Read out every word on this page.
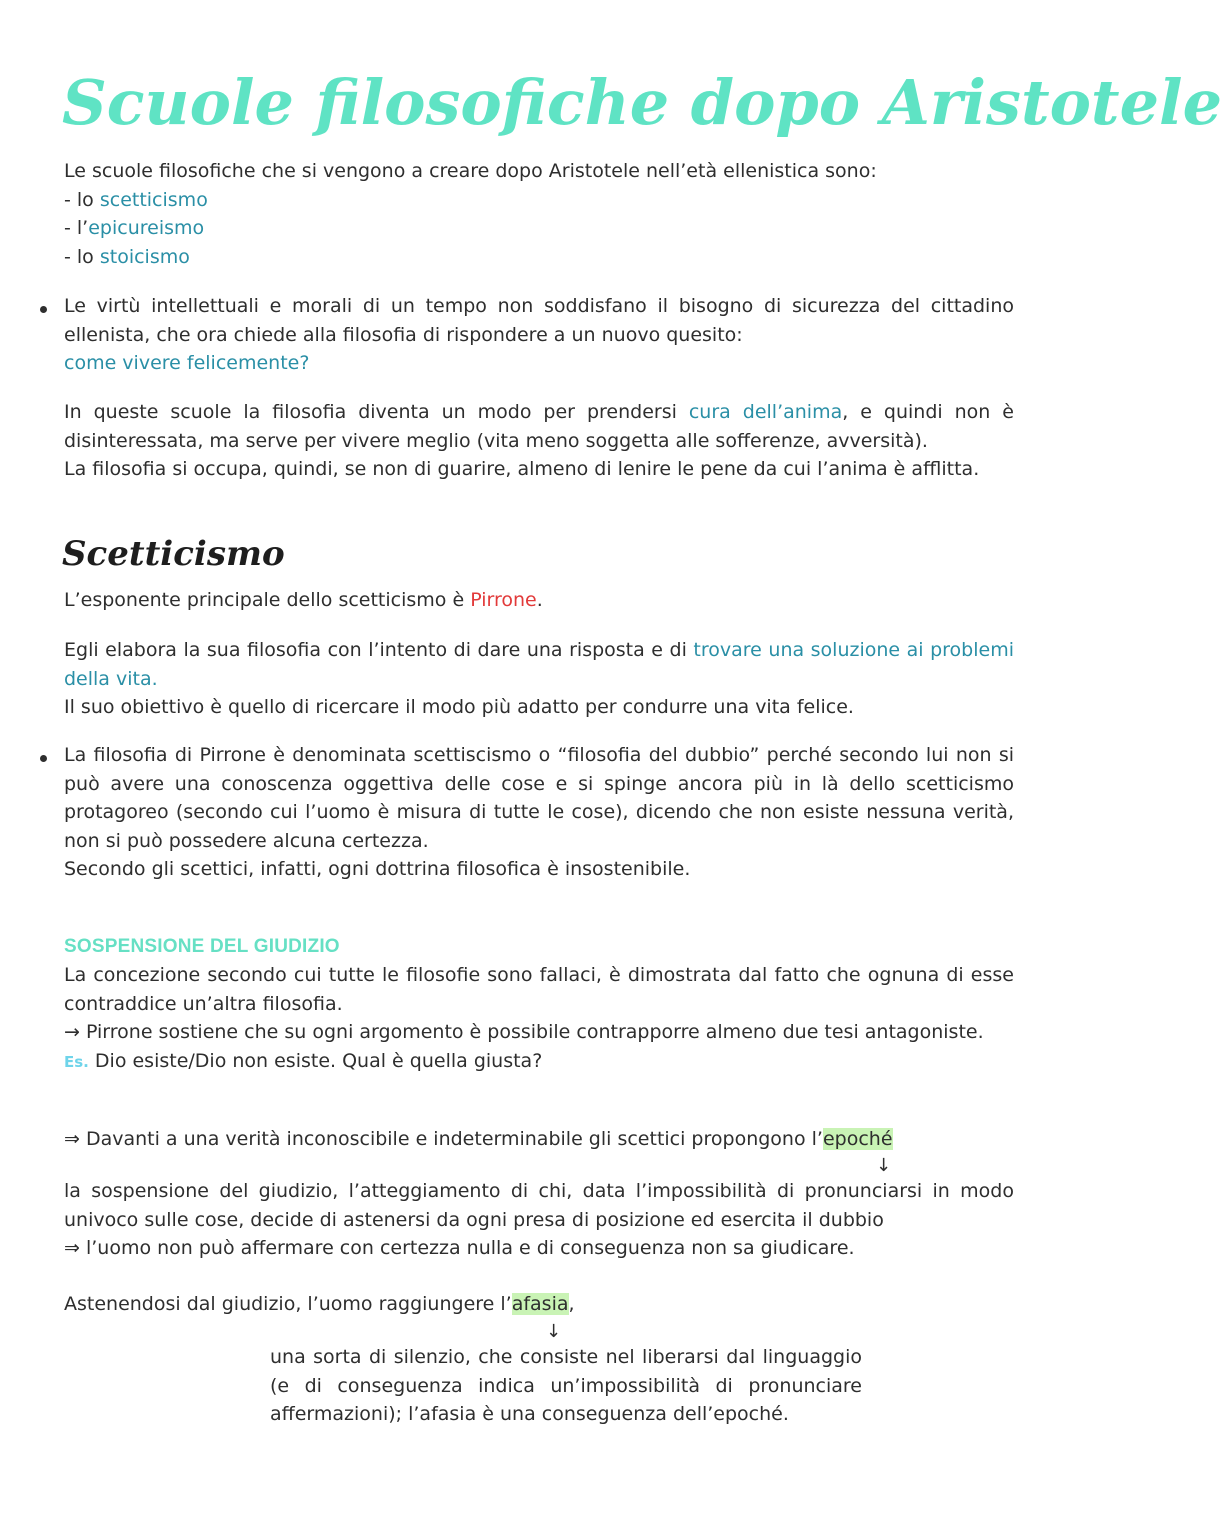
Scuole filosofiche dopo Aristotele

Le scuole filosofiche che si vengono a creare dopo Aristotele nell’età ellenistica sono:

- lo scetticismo

- l’epicureismo

- lo stoicismo

Le virtù intellettuali e morali di un tempo non soddisfano il bisogno di sicurezza del cittadino ellenista, che ora chiede alla filosofia di rispondere a un nuovo quesito:

come vivere felicemente?

In queste scuole la filosofia diventa un modo per prendersi cura dell’anima, e quindi non è disinteressata, ma serve per vivere meglio (vita meno soggetta alle sofferenze, avversità).

La filosofia si occupa, quindi, se non di guarire, almeno di lenire le pene da cui l’anima è afflitta.

Scetticismo

L’esponente principale dello scetticismo è Pirrone.

Egli elabora la sua filosofia con l’intento di dare una risposta e di trovare una soluzione ai problemi della vita.

Il suo obiettivo è quello di ricercare il modo più adatto per condurre una vita felice.

La filosofia di Pirrone è denominata scettiscismo o “filosofia del dubbio” perché secondo lui non si può avere una conoscenza oggettiva delle cose e si spinge ancora più in là dello scetticismo protagoreo (secondo cui l’uomo è misura di tutte le cose), dicendo che non esiste nessuna verità, non si può possedere alcuna certezza.

Secondo gli scettici, infatti, ogni dottrina filosofica è insostenibile.

SOSPENSIONE DEL GIUDIZIO

La concezione secondo cui tutte le filosofie sono fallaci, è dimostrata dal fatto che ognuna di esse contraddice un’altra filosofia.

→ Pirrone sostiene che su ogni argomento è possibile contrapporre almeno due tesi antagoniste.

Es. Dio esiste/Dio non esiste. Qual è quella giusta?

⇒ Davanti a una verità inconoscibile e indeterminabile gli scettici propongono l’epoché

↓

la sospensione del giudizio, l’atteggiamento di chi, data l’impossibilità di pronunciarsi in modo univoco sulle cose, decide di astenersi da ogni presa di posizione ed esercita il dubbio

⇒ l’uomo non può affermare con certezza nulla e di conseguenza non sa giudicare.

Astenendosi dal giudizio, l’uomo raggiungere l’afasia,

↓

una sorta di silenzio, che consiste nel liberarsi dal linguaggio (e di conseguenza indica un’impossibilità di pronunciare affermazioni); l’afasia è una conseguenza dell’epoché.
